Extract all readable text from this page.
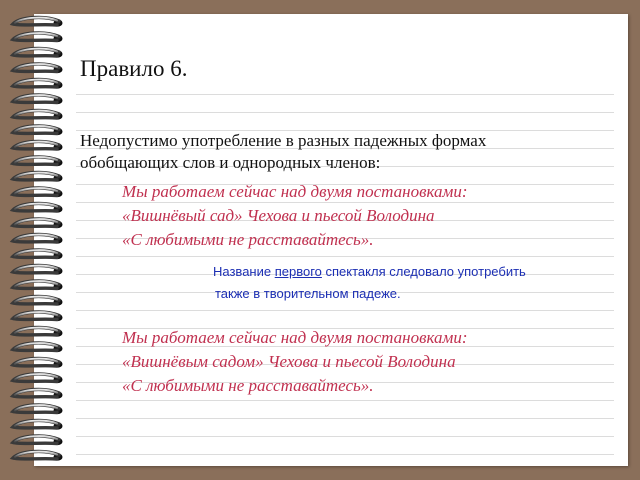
Правило 6.
Недопустимо употребление в разных падежных формах
обобщающих слов и однородных членов:
Мы работаем сейчас над двумя постановками:
«Вишнёвый сад» Чехова и пьесой Володина
«С любимыми не расставайтесь».
Название первого спектакля следовало употребить
также в творительном падеже.
Мы работаем сейчас над двумя постановками:
«Вишнёвым садом» Чехова и пьесой Володина
«С любимыми не расставайтесь».
